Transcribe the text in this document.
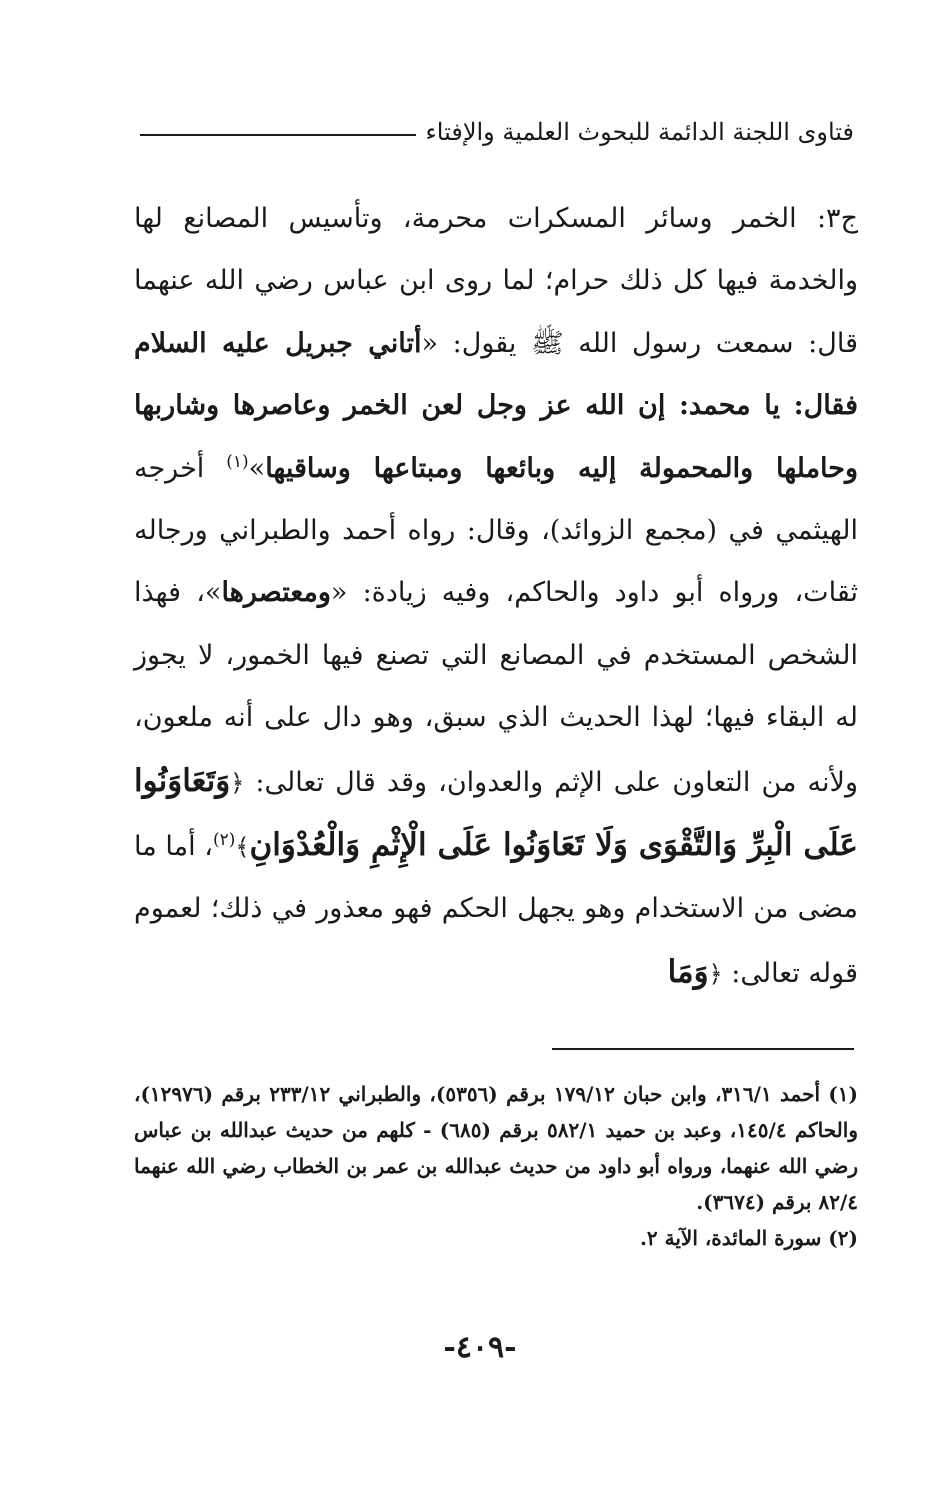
فتاوى اللجنة الدائمة للبحوث العلمية والإفتاء

ج٣: الخمر وسائر المسكرات محرمة، وتأسيس المصانع لها والخدمة فيها كل ذلك حرام؛ لما روى ابن عباس رضي الله عنهما قال: سمعت رسول الله ﷺ يقول: «أتاني جبريل عليه السلام فقال: يا محمد: إن الله عز وجل لعن الخمر وعاصرها وشاربها وحاملها والمحمولة إليه وبائعها ومبتاعها وساقيها»$^{(١)}$ أخرجه الهيثمي في (مجمع الزوائد)، وقال: رواه أحمد والطبراني ورجاله ثقات، ورواه أبو داود والحاكم، وفيه زيادة: «ومعتصرها»، فهذا الشخص المستخدم في المصانع التي تصنع فيها الخمور، لا يجوز له البقاء فيها؛ لهذا الحديث الذي سبق، وهو دال على أنه ملعون، ولأنه من التعاون على الإثم والعدوان، وقد قال تعالى: ﴿وَتَعَاوَنُوا عَلَى الْبِرِّ وَالتَّقْوَى وَلَا تَعَاوَنُوا عَلَى الْإِثْمِ وَالْعُدْوَانِ﴾$^{(٢)}$، أما ما مضى من الاستخدام وهو يجهل الحكم فهو معذور في ذلك؛ لعموم قوله تعالى: ﴿وَمَا

(١) أحمد ٣١٦/١، وابن حبان ١٧٩/١٢ برقم (٥٣٥٦)، والطبراني ٢٣٣/١٢ برقم (١٢٩٧٦)، والحاكم ١٤٥/٤، وعبد بن حميد ٥٨٢/١ برقم (٦٨٥) - كلهم من حديث عبدالله بن عباس رضي الله عنهما، ورواه أبو داود من حديث عبدالله بن عمر بن الخطاب رضي الله عنهما ٨٢/٤ برقم (٣٦٧٤).

(٢) سورة المائدة، الآية ٢.

-٤٠٩-
